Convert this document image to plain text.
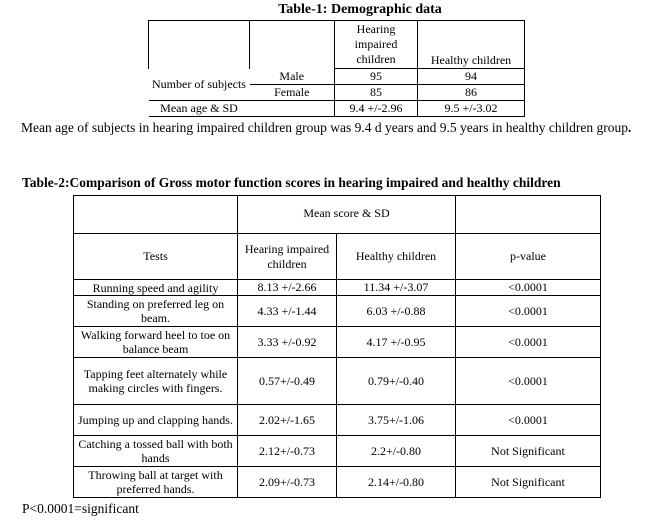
Table-1: Demographic data
		Hearing impaired children	Healthy children
Number of subjects	Male	95	94
	Female	85	86
Mean age & SD		9.4 +/-2.96	9.5 +/-3.02
Mean age of subjects in hearing impaired children group was 9.4 d years and 9.5 years in healthy children group.
Table-2:Comparison of Gross motor function scores in hearing impaired and healthy children
	Mean score & SD		
Tests	Hearing impaired children	Healthy children	p-value
Running speed and agility	8.13 +/-2.66	11.34 +/-3.07	<0.0001
Standing on preferred leg on beam.	4.33 +/-1.44	6.03 +/-0.88	<0.0001
Walking forward heel to toe on balance beam	3.33 +/-0.92	4.17 +/-0.95	<0.0001
Tapping feet alternately while making circles with fingers.	0.57+/-0.49	0.79+/-0.40	<0.0001
Jumping up and clapping hands.	2.02+/-1.65	3.75+/-1.06	<0.0001
Catching a tossed ball with both hands	2.12+/-0.73	2.2+/-0.80	Not Significant
Throwing ball at target with preferred hands.	2.09+/-0.73	2.14+/-0.80	Not Significant
P<0.0001=significant
